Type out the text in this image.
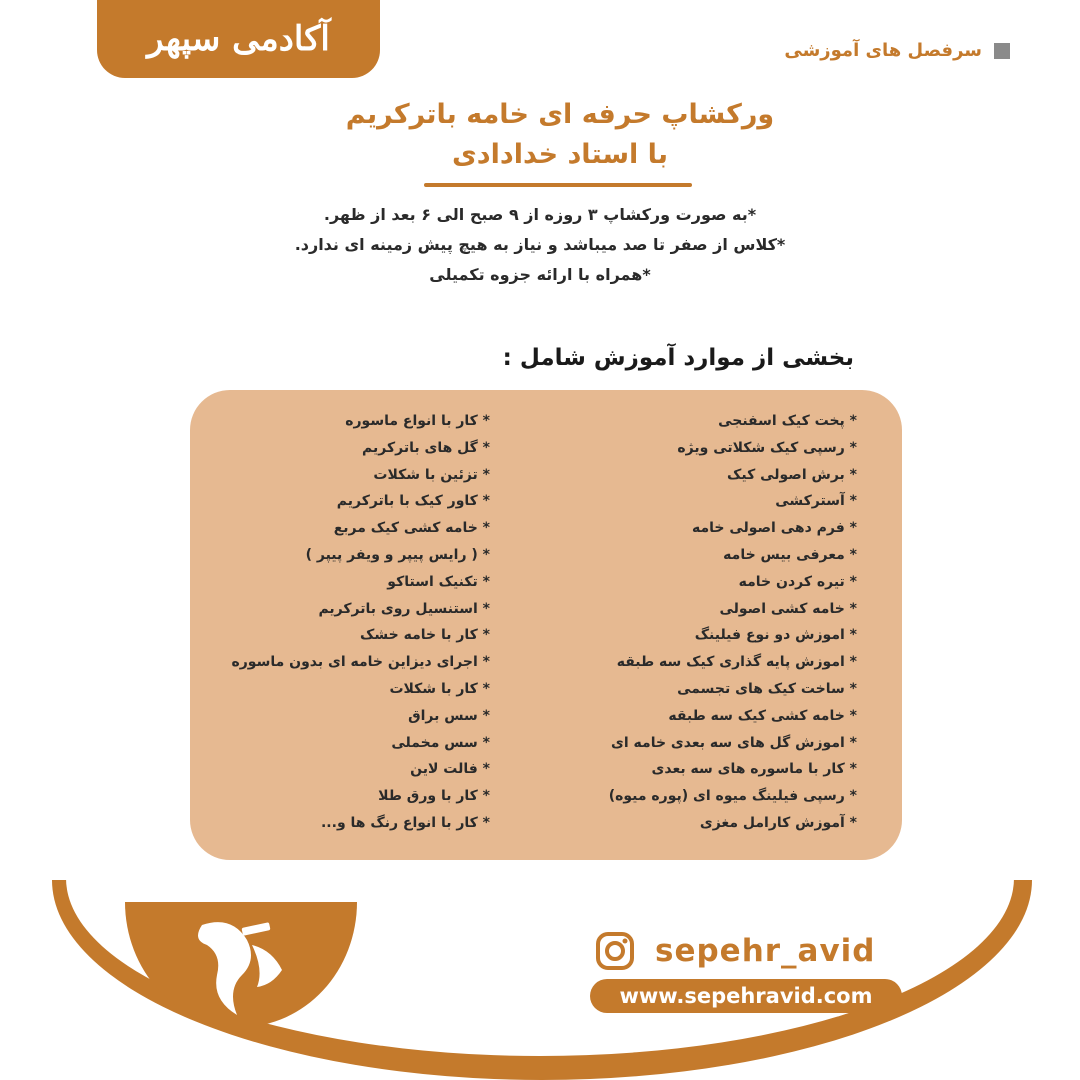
آکادمی سپهر	سرفصل های آموزشی
ورکشاپ حرفه ای خامه باترکریم
با استاد خدادادی
*به صورت ورکشاپ ۳ روزه از ۹ صبح الی ۶ بعد از ظهر.
*کلاس از صفر تا صد میباشد و نیاز به هیچ پیش زمینه ای ندارد.
*همراه با ارائه جزوه تکمیلی
بخشی از موارد آموزش شامل :
* پخت کیک اسفنجی
* رسپی کیک شکلاتی ویژه
* برش اصولی کیک
* آسترکشی
* فرم دهی اصولی خامه
* معرفی بیس خامه
* تیره کردن خامه
* خامه کشی اصولی
* اموزش دو نوع فیلینگ
* اموزش پایه گذاری کیک سه طبقه
* ساخت کیک های تجسمی
* خامه کشی کیک سه طبقه
* اموزش گل های سه بعدی خامه ای
* کار با ماسوره های سه بعدی
* رسپی فیلینگ میوه ای (پوره میوه)
* آموزش کارامل مغزی
* کار با انواع ماسوره
* گل های باترکریم
* تزئین با شکلات
* کاور کیک با باترکریم
* خامه کشی کیک مربع
* ( رایس پیپر و ویفر پیپر )
* تکنیک استاکو
* استنسیل روی باترکریم
* کار با خامه خشک
* اجرای دیزاین خامه ای بدون ماسوره
* کار با شکلات
* سس براق
* سس مخملی
* فالت لاین
* کار با ورق طلا
* کار با انواع رنگ ها و...
sepehr_avid
www.sepehravid.com
